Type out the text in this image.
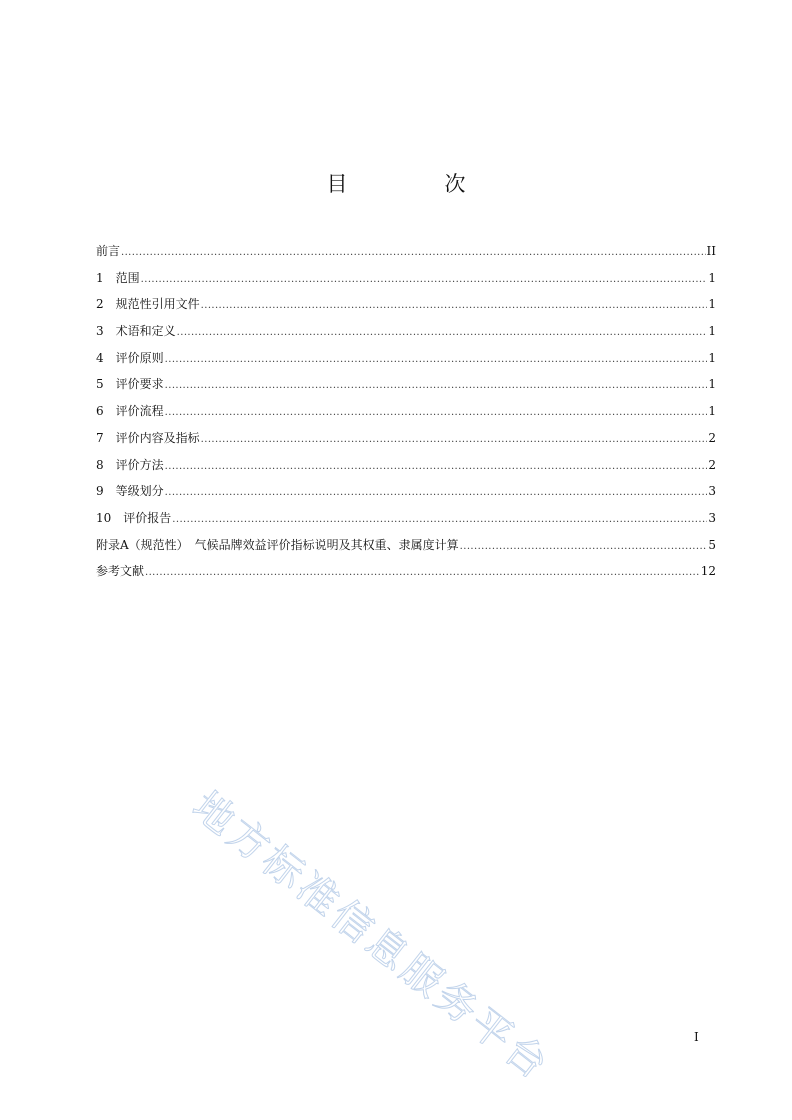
目　次
前言 .....	II
1　 范围 .....	1
2　 规范性引用文件 .....	1
3　 术语和定义 .....	1
4　 评价原则 .....	1
5　 评价要求 .....	1
6　 评价流程 .....	1
7　 评价内容及指标 .....	2
8　 评价方法 .....	2
9　 等级划分 .....	3
10　 评价报告 .....	3
附录A（规范性）　气候品牌效益评价指标说明及其权重、隶属度计算 .....	5
参考文献 .....	12
地方标准信息服务平台	I
